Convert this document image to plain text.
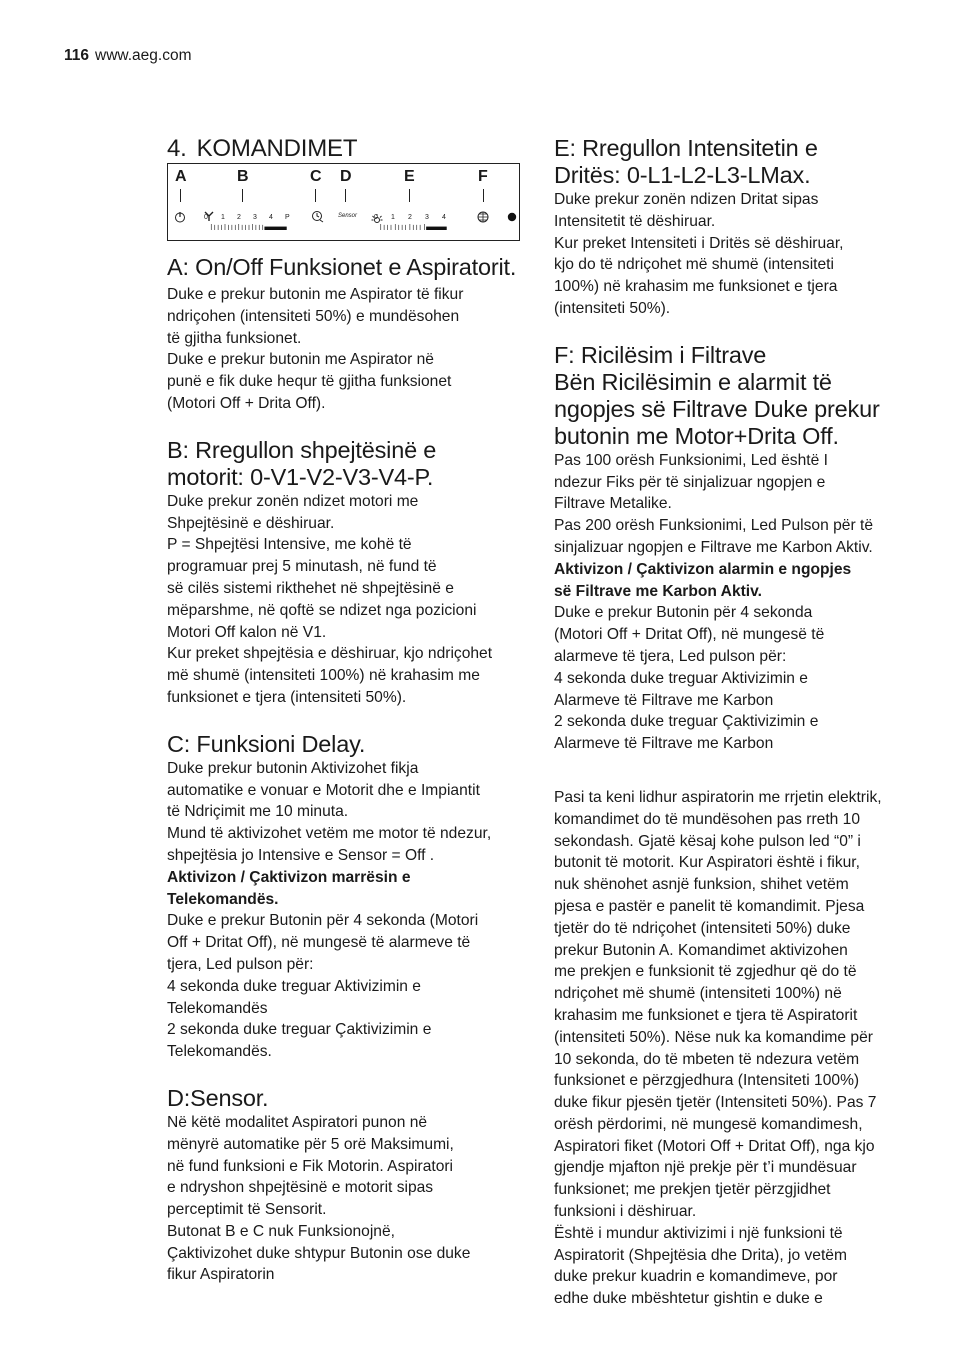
116 www.aeg.com
4. KOMANDIMET
A	B	C D	E	F
Sensor
0 1 2 3 4 P	0 1 2 3 4
A: On/Off Funksionet e Aspiratorit.

Duke e prekur butonin me Aspirator të fikur
ndriçohen (intensiteti 50%) e mundësohen
të gjitha funksionet.
Duke e prekur butonin me Aspirator në
punë e fik duke hequr të gjitha funksionet
(Motori Off + Drita Off).

B: Rregullon shpejtësinë e
motorit: 0-V1-V2-V3-V4-P.

Duke prekur zonën ndizet motori me
Shpejtësinë e dëshiruar.
P = Shpejtësi Intensive, me kohë të
programuar prej 5 minutash, në fund të
së cilës sistemi rikthehet në shpejtësinë e
mëparshme, në qoftë se ndizet nga pozicioni
Motori Off kalon në V1.
Kur preket shpejtësia e dëshiruar, kjo ndriçohet
më shumë (intensiteti 100%) në krahasim me
funksionet e tjera (intensiteti 50%).

C: Funksioni Delay.

Duke prekur butonin Aktivizohet fikja
automatike e vonuar e Motorit dhe e Impiantit
të Ndriçimit me 10 minuta.
Mund të aktivizohet vetëm me motor të ndezur,
shpejtësia jo Intensive e Sensor = Off .

Aktivizon / Çaktivizon marrësin e
Telekomandës.

Duke e prekur Butonin për 4 sekonda (Motori
Off + Dritat Off), në mungesë të alarmeve të
tjera, Led pulson për:
4 sekonda duke treguar Aktivizimin e
Telekomandës
2 sekonda duke treguar Çaktivizimin e
Telekomandës.

D:Sensor.

Në këtë modalitet Aspiratori punon në
mënyrë automatike për 5 orë Maksimumi,
në fund funksioni e Fik Motorin. Aspiratori
e ndryshon shpejtësinë e motorit sipas
perceptimit të Sensorit.
Butonat B e C nuk Funksionojnë,
Çaktivizohet duke shtypur Butonin ose duke
fikur Aspiratorin

E: Rregullon Intensitetin e
Dritës: 0-L1-L2-L3-LMax.

Duke prekur zonën ndizen Dritat sipas
Intensitetit të dëshiruar.
Kur preket Intensiteti i Dritës së dëshiruar,
kjo do të ndriçohet më shumë (intensiteti
100%) në krahasim me funksionet e tjera
(intensiteti 50%).

F: Ricilësim i Filtrave
Bën Ricilësimin e alarmit të
ngopjes së Filtrave Duke prekur
butonin me Motor+Drita Off.

Pas 100 orësh Funksionimi, Led është I
ndezur Fiks për të sinjalizuar ngopjen e
Filtrave Metalike.
Pas 200 orësh Funksionimi, Led Pulson për të
sinjalizuar ngopjen e Filtrave me Karbon Aktiv.

Aktivizon / Çaktivizon alarmin e ngopjes
së Filtrave me Karbon Aktiv.

Duke e prekur Butonin për 4 sekonda
(Motori Off + Dritat Off), në mungesë të
alarmeve të tjera, Led pulson për:
4 sekonda duke treguar Aktivizimin e
Alarmeve të Filtrave me Karbon
2 sekonda duke treguar Çaktivizimin e
Alarmeve të Filtrave me Karbon

Pasi ta keni lidhur aspiratorin me rrjetin elektrik,
komandimet do të mundësohen pas rreth 10
sekondash. Gjatë kësaj kohe pulson led “0” i
butonit të motorit. Kur Aspiratori është i fikur,
nuk shënohet asnjë funksion, shihet vetëm
pjesa e pastër e panelit të komandimit. Pjesa
tjetër do të ndriçohet (intensiteti 50%) duke
prekur Butonin A. Komandimet aktivizohen
me prekjen e funksionit të zgjedhur që do të
ndriçohet më shumë (intensiteti 100%) në
krahasim me funksionet e tjera të Aspiratorit
(intensiteti 50%). Nëse nuk ka komandime për
10 sekonda, do të mbeten të ndezura vetëm
funksionet e përzgjedhura (Intensiteti 100%)
duke fikur pjesën tjetër (Intensiteti 50%). Pas 7
orësh përdorimi, në mungesë komandimesh,
Aspiratori fiket (Motori Off + Dritat Off), nga kjo
gjendje mjafton një prekje për t’i mundësuar
funksionet; me prekjen tjetër përzgjidhet
funksioni i dëshiruar.
Është i mundur aktivizimi i një funksioni të
Aspiratorit (Shpejtësia dhe Drita), jo vetëm
duke prekur kuadrin e komandimeve, por
edhe duke mbështetur gishtin e duke e
